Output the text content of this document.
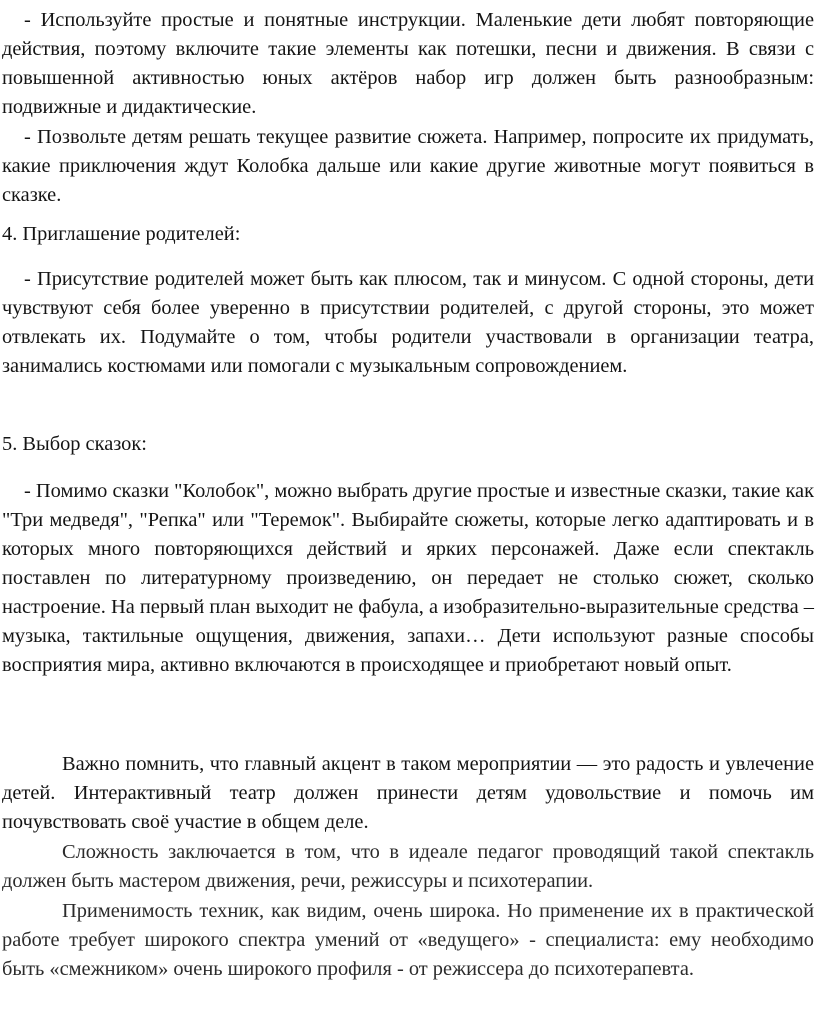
- Используйте простые и понятные инструкции. Маленькие дети любят повторяющие действия, поэтому включите такие элементы как потешки, песни и движения. В связи с повышенной активностью юных актёров набор игр должен быть разнообразным: подвижные и дидактические.

- Позвольте детям решать текущее развитие сюжета. Например, попросите их придумать, какие приключения ждут Колобка дальше или какие другие животные могут появиться в сказке.

4. Приглашение родителей:

- Присутствие родителей может быть как плюсом, так и минусом. С одной стороны, дети чувствуют себя более уверенно в присутствии родителей, с другой стороны, это может отвлекать их. Подумайте о том, чтобы родители участвовали в организации театра, занимались костюмами или помогали с музыкальным сопровождением.

5. Выбор сказок:

- Помимо сказки "Колобок", можно выбрать другие простые и известные сказки, такие как "Три медведя", "Репка" или "Теремок". Выбирайте сюжеты, которые легко адаптировать и в которых много повторяющихся действий и ярких персонажей. Даже если спектакль поставлен по литературному произведению, он передает не столько сюжет, сколько настроение. На первый план выходит не фабула, а изобразительно-выразительные средства – музыка, тактильные ощущения, движения, запахи… Дети используют разные способы восприятия мира, активно включаются в происходящее и приобретают новый опыт.

Важно помнить, что главный акцент в таком мероприятии — это радость и увлечение детей. Интерактивный театр должен принести детям удовольствие и помочь им почувствовать своё участие в общем деле.

Сложность заключается в том, что в идеале педагог проводящий такой спектакль должен быть мастером движения, речи, режиссуры и психотерапии.

Применимость техник, как видим, очень широка. Но применение их в практической работе требует широкого спектра умений от «ведущего» - специалиста: ему необходимо быть «смежником» очень широкого профиля - от режиссера до психотерапевта.
